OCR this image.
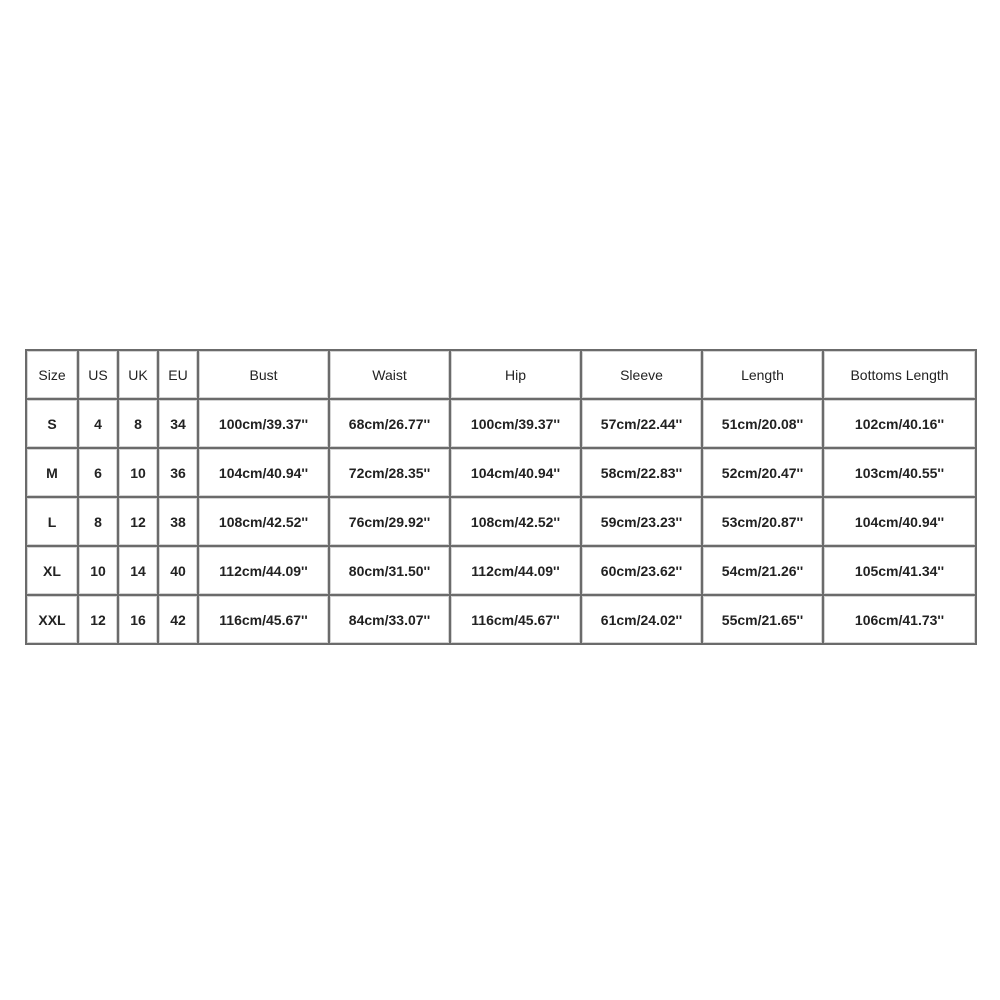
Size	US	UK	EU	Bust	Waist	Hip	Sleeve	Length	Bottoms Length
S	4	8	34	100cm/39.37''	68cm/26.77''	100cm/39.37''	57cm/22.44''	51cm/20.08''	102cm/40.16''
M	6	10	36	104cm/40.94''	72cm/28.35''	104cm/40.94''	58cm/22.83''	52cm/20.47''	103cm/40.55''
L	8	12	38	108cm/42.52''	76cm/29.92''	108cm/42.52''	59cm/23.23''	53cm/20.87''	104cm/40.94''
XL	10	14	40	112cm/44.09''	80cm/31.50''	112cm/44.09''	60cm/23.62''	54cm/21.26''	105cm/41.34''
XXL	12	16	42	116cm/45.67''	84cm/33.07''	116cm/45.67''	61cm/24.02''	55cm/21.65''	106cm/41.73''
